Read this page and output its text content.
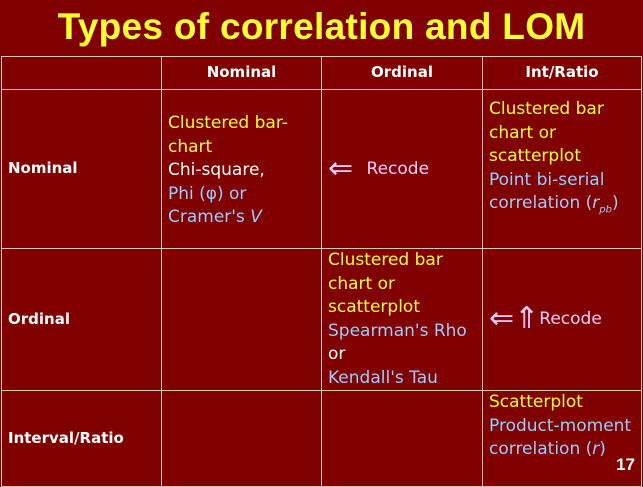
Types of correlation and LOM
	Nominal	Ordinal	Int/Ratio
Nominal	Clustered bar-chart
Chi-square,
Phi (φ) or Cramer's V	⇐ Recode	Clustered bar chart or scatterplot
Point bi-serial correlation $(r_{pb})$
Ordinal		Clustered bar chart or scatterplot
Spearman's Rho or
Kendall's Tau	⇐⇑Recode
Interval/Ratio			Scatterplot
Product-moment correlation (r)
17
